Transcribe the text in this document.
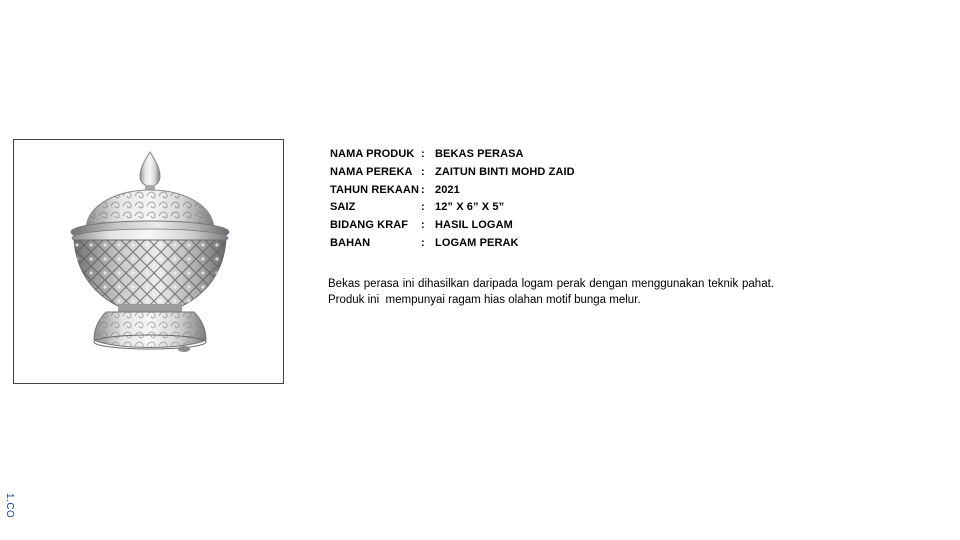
NAMA PRODUK	:	BEKAS PERASA
NAMA PEREKA	:	ZAITUN BINTI MOHD ZAID
TAHUN REKAAN	:	2021
SAIZ	:	12” X 6” X 5”
BIDANG KRAF	:	HASIL LOGAM
BAHAN	:	LOGAM PERAK

Bekas perasa ini dihasilkan daripada logam perak dengan menggunakan teknik pahat. Produk ini  mempunyai ragam hias olahan motif bunga melur.

1.CO
